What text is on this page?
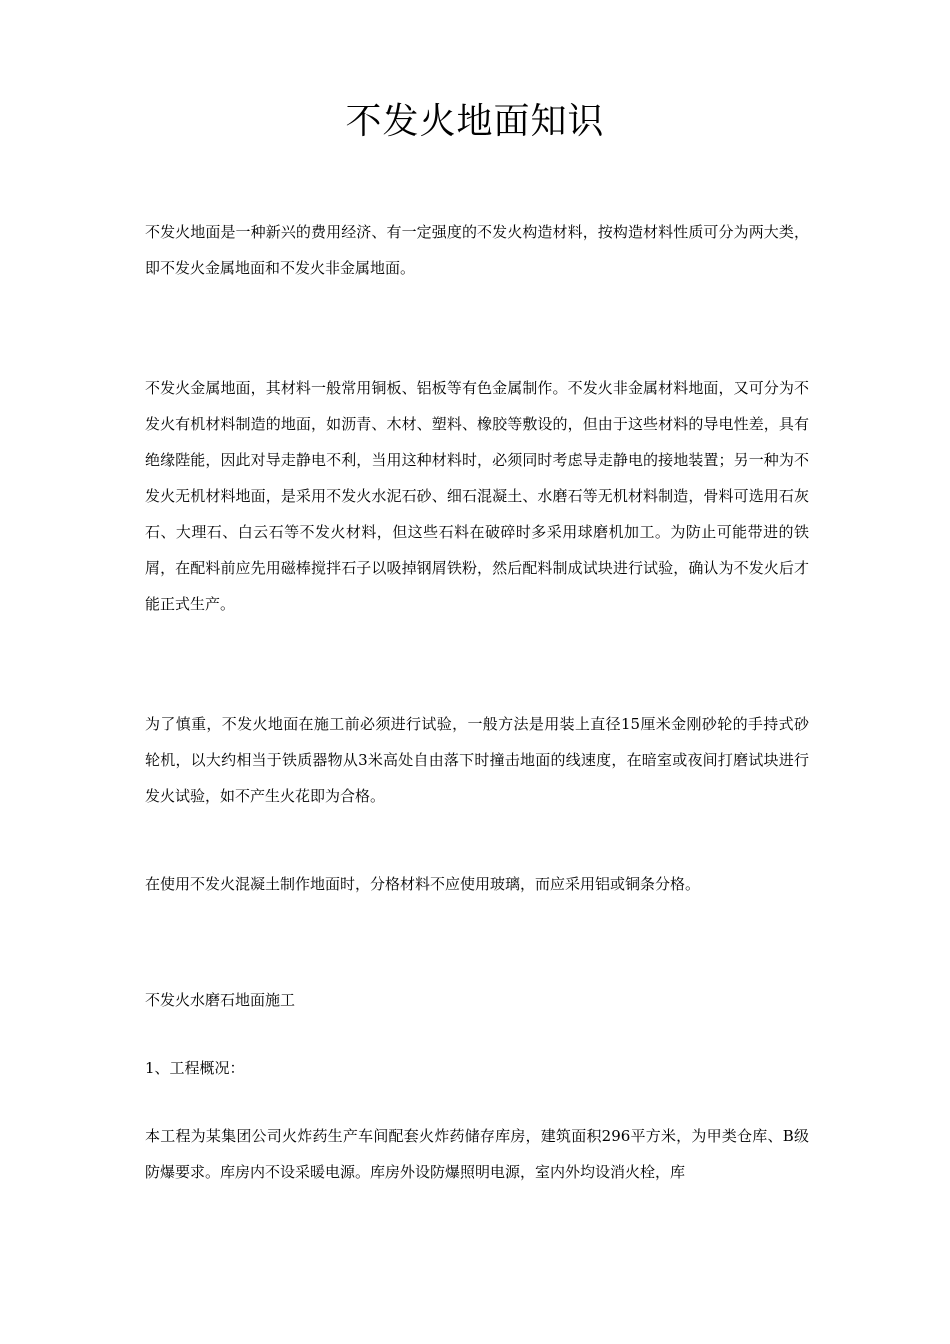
不发火地面知识

不发火地面是一种新兴的费用经济、有一定强度的不发火构造材料，按构造材料性质可分为两大类，即不发火金属地面和不发火非金属地面。

不发火金属地面，其材料一般常用铜板、铝板等有色金属制作。不发火非金属材料地面，又可分为不发火有机材料制造的地面，如沥青、木材、塑料、橡胶等敷设的，但由于这些材料的导电性差，具有绝缘陛能，因此对导走静电不利，当用这种材料时，必须同时考虑导走静电的接地装置；另一种为不发火无机材料地面，是采用不发火水泥石砂、细石混凝土、水磨石等无机材料制造，骨料可选用石灰石、大理石、白云石等不发火材料，但这些石料在破碎时多采用球磨机加工。为防止可能带进的铁屑，在配料前应先用磁棒搅拌石子以吸掉钢屑铁粉，然后配料制成试块进行试验，确认为不发火后才能正式生产。

为了慎重，不发火地面在施工前必须进行试验，一般方法是用装上直径15厘米金刚砂轮的手持式砂轮机，以大约相当于铁质器物从3米高处自由落下时撞击地面的线速度，在暗室或夜间打磨试块进行发火试验，如不产生火花即为合格。

在使用不发火混凝土制作地面时，分格材料不应使用玻璃，而应采用铝或铜条分格。

不发火水磨石地面施工

1、工程概况：

本工程为某集团公司火炸药生产车间配套火炸药储存库房，建筑面积296平方米，为甲类仓库、B级防爆要求。库房内不设采暖电源。库房外设防爆照明电源，室内外均设消火栓，库
